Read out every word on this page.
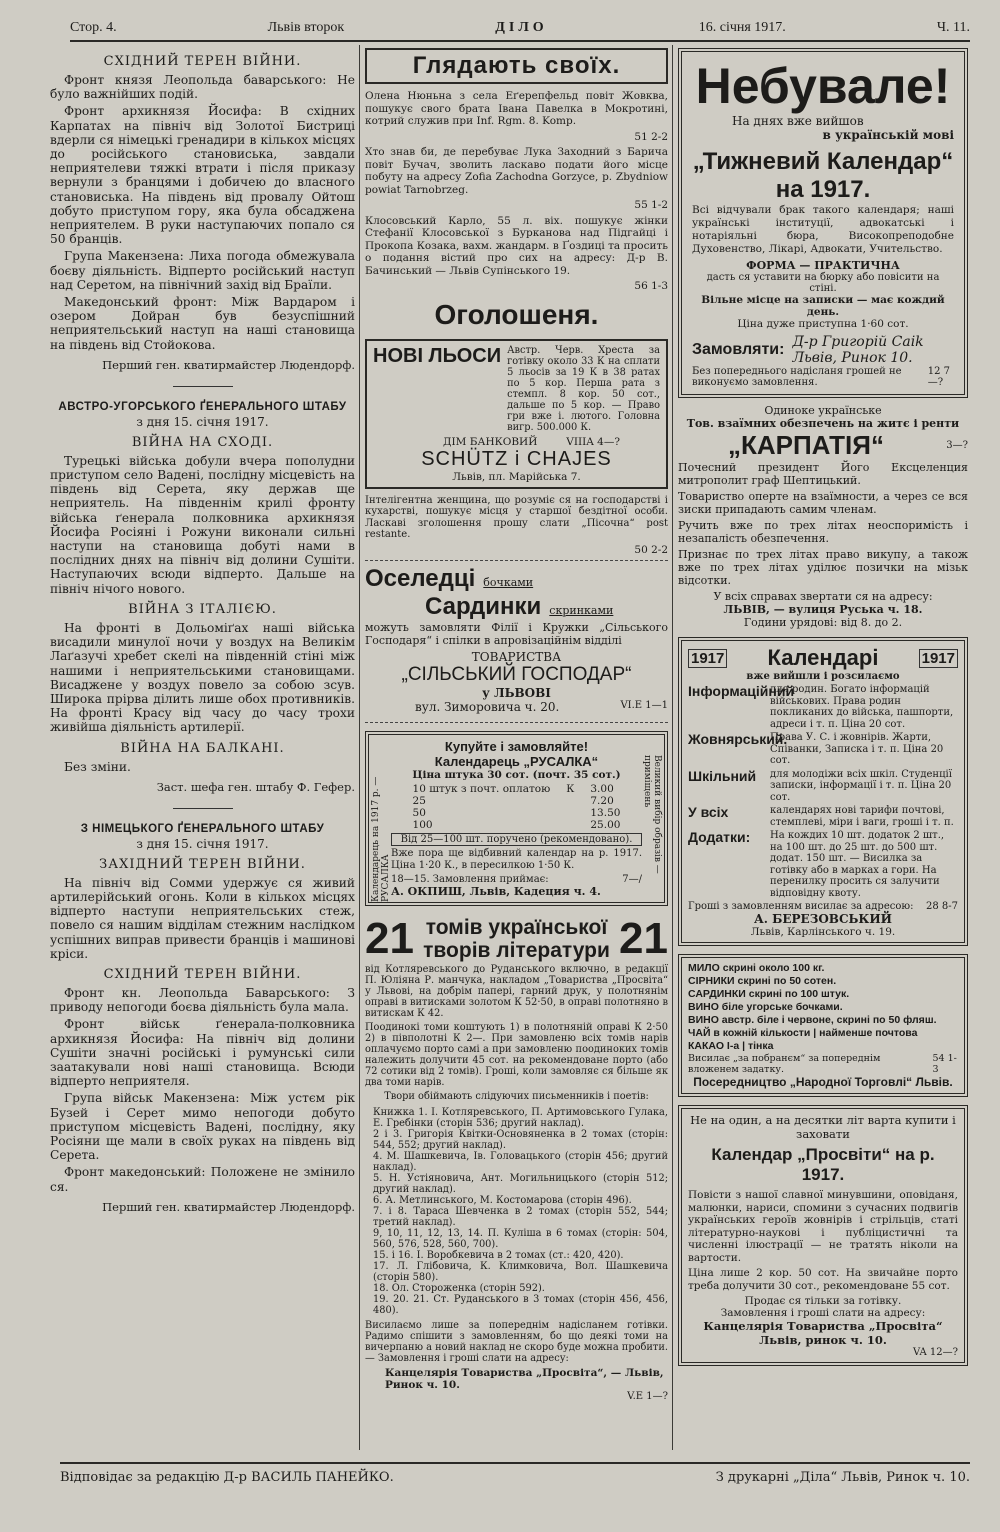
Стор. 4.	Львів второк	ДІЛО	16. січня 1917.	Ч. 11.
СХІДНИЙ ТЕРЕН ВІЙНИ.

Фронт князя Леопольда баварського: Не було важнійших подій.

Фронт архикнязя Йосифа: В східних Карпатах на північ від Золотої Бистриці вдерли ся німецькі гренадири в кількох місцях до російського становиська, завдали неприятелеви тяжкі втрати і після приказу вернули з бранцями і добичею до власного становиська. На південь від провалу Ойтош добуто приступом гору, яка була обсаджена неприятелем. В руки наступаючих попало ся 50 бранців.

Група Макензена: Лиха погода обмежувала боєву діяльність. Відперто російський наступ над Серетом, на північний захід від Браїли.

Македонський фронт: Між Вардаром і озером Дойран був безуспішний неприятельський наступ на наші становища на південь від Стойокова.

Перший ген. кватирмайстер Людендорф.
АВСТРО-УГОРСЬКОГО ҐЕНЕРАЛЬНОГО ШТАБУ
з дня 15. січня 1917.
ВІЙНА НА СХОДІ.

Турецькі війська добули вчера пополудни приступом село Вадені, послідну місцевість на південь від Серета, яку держав ще неприятель. На південнім крилі фронту війська ґенерала полковника архикнязя Йосифа Росіяні і Рожуни виконали сильні наступи на становища добуті нами в послідних днях на північ від долини Сушіти. Наступаючих всюди відперто. Дальше на північ нічого нового.

ВІЙНА З ІТАЛІЄЮ.

На фронті в Дольоміґах наші війська висадили минулої ночи у воздух на Великім Лаґазучі хребет скелі на південній стіні між нашими і неприятельськими становищами. Висаджене у воздух повело за собою зсув. Широка прірва ділить лише обох противників. На фронті Красу від часу до часу трохи живійша діяльність артилерії.

ВІЙНА НА БАЛКАНІ.

Без зміни.

Заст. шефа ген. штабу Ф. Гефер.
З НІМЕЦЬКОГО ҐЕНЕРАЛЬНОГО ШТАБУ
з дня 15. січня 1917.
ЗАХІДНИЙ ТЕРЕН ВІЙНИ.

На північ від Сомми удержує ся живий артилерійський огонь. Коли в кількох місцях відперто наступи неприятельських стеж, повело ся нашим відділам стежним наслідком успішних виправ привести бранців і машинові кріси.

СХІДНИЙ ТЕРЕН ВІЙНИ.

Фронт кн. Леопольда Баварського: З приводу непогоди боєва діяльність була мала.

Фронт військ ґенерала-полковника архикнязя Йосифа: На північ від долини Сушіти значні російські і румунські сили заатакували нові наші становища. Всюди відперто неприятеля.

Група військ Макензена: Між устєм рік Бузей і Серет мимо непогоди добуто приступом місцевість Вадені, послідну, яку Росіяни ще мали в своїх руках на південь від Серета.

Фронт македонський: Положене не змінило ся.

Перший ген. кватирмайстер Людендорф.
Глядають своїх.

Олена Нюньна з села Еґерепфельд повіт Жовква, пошукує свого брата Івана Павелка в Мокротині, котрий служив при Inf. Rgm. 8. Komp.

51 2-2

Хто знав би, де перебуває Лука Заходний з Барича повіт Бучач, зволить ласкаво подати його місце побуту на адресу Zofia Zachodna Gorzyce, p. Zbydniow powiat Tarnobrzeg.

55 1-2

Клосовський Карло, 55 л. віх. пошукує жінки Стефанії Клосовської з Бурканова над Підгайці і Прокопа Козака, вахм. жандарм. в Ґоздиці та просить о подання вістий про сих на адресу: Д-р В. Бачинський — Львів Супінського 19.

56 1-3
Оголошеня.
НОВІ ЛЬОСИ Австр. Черв. Хреста за готівку около 33 К на сплати 5 льосів за 19 К в 38 ратах по 5 кор. Перша рата з стемпл. 8 кор. 50 сот., дальше по 5 кор. — Право гри вже і. лютого. Головна вигр. 500.000 К.
ДІМ БАНКОВИЙ	VIIIA 4—?
SCHÜTZ і CHAJES
Львів, пл. Марійська 7.

Інтелігентна женщина, що розуміє ся на господарстві і кухарстві, пошукує місця у старшої бездітної особи. Ласкаві зголошення прошу слати „Пісочна“ post restante.

50 2-2
Оселедці бочками
Сардинки скринками

можуть замовляти Філії і Кружки „Сільського Господаря“ і спілки в апровізаційнім відділі

ТОВАРИСТВА
„СІЛЬСЬКИЙ ГОСПОДАР“
у ЛЬВОВІ
вул. Зиморовича ч. 20.	VI.E 1—1
Календарець на 1917 р. — РУСАЛКА
Великий вибір образів — приміщень
Купуйте і замовляйте!
Календарець „РУСАЛКА“
Ціна штука 30 сот. (почт. 35 сот.)
10 штук з почт. оплатою	К	3.00
25		7.20
50		13.50
100		25.00
Від 25—100 шт. поручено (рекомендовано).

Вже пора ще відбивний календар на р. 1917. Ціна 1·20 К., в пересилкою 1·50 К.

18—15. Замовлення приймає:	7—/
А. ОКПИШ, Львів, Кадеция ч. 4.
21 томів української
творів літератури 21

від Котляревського до Руданського включно, в редакції П. Юліяна Р. манчука, накладом „Товариства „Просвіта“ у Львові, на добрім папері, гарний друк, у полотнянім оправі в витисками золотом К 52·50, в оправі полотняно в витискам К 42.

Поодинокі томи коштують 1) в полотняній оправі К 2·50 2) в півполотні К 2—. При замовленю всіх томів нарів оплачуємо порто самі а при замовленю поодиноких томів належить долучити 45 сот. на рекомендоване порто (або 72 сотики від 2 томів). Гроші, коли замовляє ся більше як два томи нарів.

Твори обіймають слідуючих письменників і поетів:

Книжка 1. І. Котляревського, П. Артимовського Гулака, Е. Гребінки (сторін 536; другий наклад).
2 і 3. Григорія Квітки-Основяненка в 2 томах (сторін: 544, 552; другий наклад).
4. М. Шашкевича, Ів. Головацького (сторін 456; другий наклад).
5. Н. Устіяновича, Ант. Могильницького (сторін 512; другий наклад).
6. А. Метлинського, М. Костомарова (сторін 496).
7. і 8. Тараса Шевченка в 2 томах (сторін 552, 544; третий наклад).
9, 10, 11, 12, 13, 14. П. Куліша в 6 томах (сторін: 504, 560, 576, 528, 560, 700).
15. і 16. І. Воробкевича в 2 томах (ст.: 420, 420).
17. Л. Глібовича, К. Климковича, Вол. Шашкевича (сторін 580).
18. Ол. Стороженка (сторін 592).
19. 20. 21. Ст. Руданського в 3 томах (сторін 456, 456, 480).

Висилаємо лише за попереднім надісланем готівки. Радимо спішити з замовленням, бо що деякі томи на вичерпаню а новий наклад не скоро буде можна пробити. — Замовлення і гроші слати на адресу:

Канцелярія Товариства „Просвіта“, — Львів, Ринок ч. 10.
V.E 1—?
Небувале!
На днях вже вийшов
в українській мові
„Тижневий Календар“
на 1917.

Всі відчували брак такого календаря; наші українські інституції, адвокатські і нотаріяльні бюра, Високопреподобне Духовенство, Лікарі, Адвокати, Учительство.

ФОРМА — ПРАКТИЧНА
дасть ся уставити на бюрку або повісити на стіні.
Вільне місце на записки — має кождий день.
Ціна дуже приступна 1·60 сот.
Замовляти: Д-р Григорій Caik Львів, Ринок 10.
Без попереднього надісланя грошей не виконуємо замовлення.
12 7—?
Одиноке українське
Тов. взаїмних обезпечень на житє і ренти
„КАРПАТІЯ“	3—?

Почесний президент Його Ексцеленция митрополит граф Шептицький.

Товариство оперте на взаїмности, а через се вся зиски припадають самим членам.

Ручить вже по трех літах неоспоримість і незапалість обезпечення.

Признає по трех літах право викупу, а також вже по трех літах уділює позички на мізьк відсотки.

У всіх справах звертати ся на адресу:
ЛЬВІВ, — вулиця Руська ч. 18.
Години урядові: від 8. до 2.
1917 Календарі	1917
вже вийшли і розсилаємо
Інформаційний
для родин. Богато інформацій військових. Права родин покликаних до війська, пашпорти, адреси і т. п. Ціна 20 сот.
Жовнярський.
Права У. С. і жовнірів. Жарти, Співанки, Записка і т. п. Ціна 20 сот.
Шкільний	для молодіжи всіх шкіл. Студенції записки, інформації і т. п. Ціна 20 сот.
У всіх	календарях нові тарифи почтові, стемплеві, міри і ваги, гроші і т. п.
Додатки:	На кождих 10 шт. додаток 2 шт., на 100 шт. до 25 шт. до 500 шт. додат. 150 шт. — Висилка за готівку або в марках а гори. На перенилку просить ся залучити відповідну квоту.
Гроші з замовленням висилає за адресою: 28 8-7
А. БЕРЕЗОВСЬКИЙ
Львів, Карлінського ч. 19.
МИЛО скрині около 100 кг.
СІРНИКИ скрині по 50 сотен.
САРДИНКИ скрині по 100 штук.
ВИНО біле угорське бочками.
ВИНО австр. біле і червоне, скрині по 50 фляш.
ЧАЙ в кожній кількости | найменше почтова
КАКАО І-а | тінка
Висилає „за побранєм“ за попереднім вложенем задатку.
54 1-3
Посередництво „Народної Торговлі“ Львів.
Не на один, а на десятки літ варта купити і заховати
Календар „Просвіти“ на р. 1917.

Повісти з нашої славної минувшини, оповіданя, малюнки, нариси, спомини з сучасних подвигів українських героїв жовнірів і стрільців, статі літературно-наукові і публіцистичні та численні ілюстрації — не тратять ніколи на вартости.

Ціна лише 2 кор. 50 сот. На звичайне порто треба долучити 30 сот., рекомендоване 55 сот.

Продає ся тільки за готівку.
Замовлення і гроші слати на адресу:
Канцелярія Товариства „Просвіта“ Львів, ринок ч. 10.
VA 12—?
Відповідає за редакцію Д-р ВАСИЛЬ ПАНЕЙКО.	З друкарні „Діла“ Львів, Ринок ч. 10.
